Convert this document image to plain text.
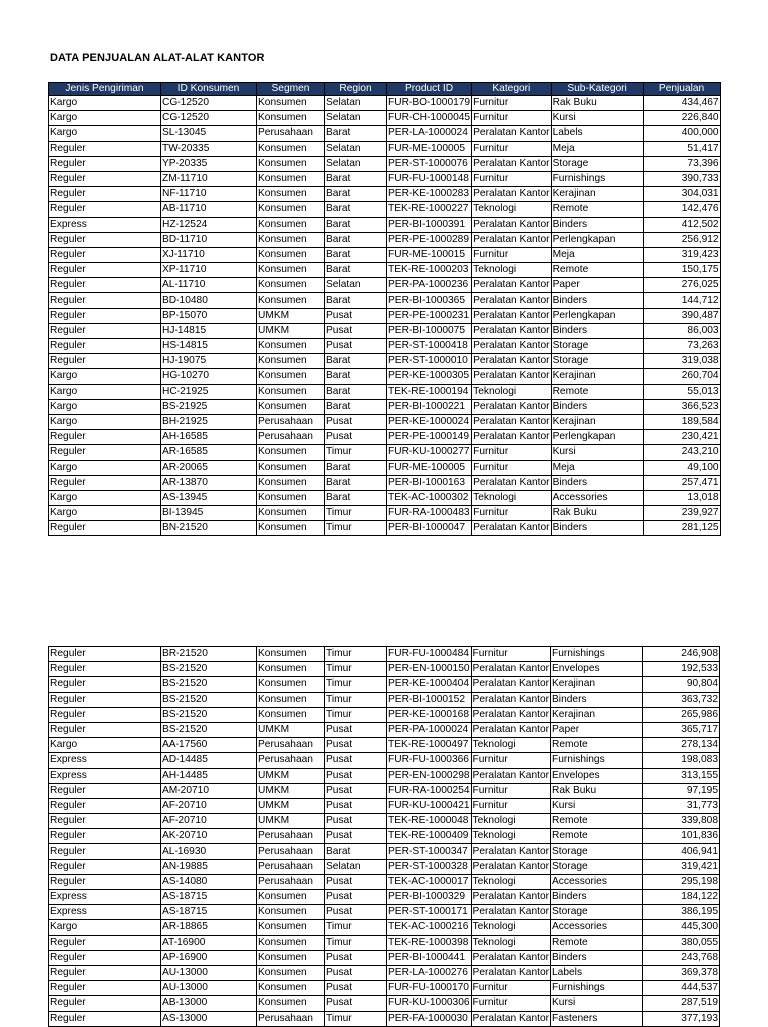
DATA PENJUALAN ALAT-ALAT KANTOR
Jenis Pengiriman	ID Konsumen	Segmen	Region	Product ID	Kategori	Sub-Kategori	Penjualan
Kargo	CG-12520	Konsumen	Selatan	FUR-BO-1000179	Furnitur	Rak Buku	434,467
Kargo	CG-12520	Konsumen	Selatan	FUR-CH-1000045	Furnitur	Kursi	226,840
Kargo	SL-13045	Perusahaan	Barat	PER-LA-1000024	Peralatan Kantor	Labels	400,000
Reguler	TW-20335	Konsumen	Selatan	FUR-ME-100005	Furnitur	Meja	51,417
Reguler	YP-20335	Konsumen	Selatan	PER-ST-1000076	Peralatan Kantor	Storage	73,396
Reguler	ZM-11710	Konsumen	Barat	FUR-FU-1000148	Furnitur	Furnishings	390,733
Reguler	NF-11710	Konsumen	Barat	PER-KE-1000283	Peralatan Kantor	Kerajinan	304,031
Reguler	AB-11710	Konsumen	Barat	TEK-RE-1000227	Teknologi	Remote	142,476
Express	HZ-12524	Konsumen	Barat	PER-BI-1000391	Peralatan Kantor	Binders	412,502
Reguler	BD-11710	Konsumen	Barat	PER-PE-1000289	Peralatan Kantor	Perlengkapan	256,912
Reguler	XJ-11710	Konsumen	Barat	FUR-ME-100015	Furnitur	Meja	319,423
Reguler	XP-11710	Konsumen	Barat	TEK-RE-1000203	Teknologi	Remote	150,175
Reguler	AL-11710	Konsumen	Selatan	PER-PA-1000236	Peralatan Kantor	Paper	276,025
Reguler	BD-10480	Konsumen	Barat	PER-BI-1000365	Peralatan Kantor	Binders	144,712
Reguler	BP-15070	UMKM	Pusat	PER-PE-1000231	Peralatan Kantor	Perlengkapan	390,487
Reguler	HJ-14815	UMKM	Pusat	PER-BI-1000075	Peralatan Kantor	Binders	86,003
Reguler	HS-14815	Konsumen	Pusat	PER-ST-1000418	Peralatan Kantor	Storage	73,263
Reguler	HJ-19075	Konsumen	Barat	PER-ST-1000010	Peralatan Kantor	Storage	319,038
Kargo	HG-10270	Konsumen	Barat	PER-KE-1000305	Peralatan Kantor	Kerajinan	260,704
Kargo	HC-21925	Konsumen	Barat	TEK-RE-1000194	Teknologi	Remote	55,013
Kargo	BS-21925	Konsumen	Barat	PER-BI-1000221	Peralatan Kantor	Binders	366,523
Kargo	BH-21925	Perusahaan	Pusat	PER-KE-1000024	Peralatan Kantor	Kerajinan	189,584
Reguler	AH-16585	Perusahaan	Pusat	PER-PE-1000149	Peralatan Kantor	Perlengkapan	230,421
Reguler	AR-16585	Konsumen	Timur	FUR-KU-1000277	Furnitur	Kursi	243,210
Kargo	AR-20065	Konsumen	Barat	FUR-ME-100005	Furnitur	Meja	49,100
Reguler	AR-13870	Konsumen	Barat	PER-BI-1000163	Peralatan Kantor	Binders	257,471
Kargo	AS-13945	Konsumen	Barat	TEK-AC-1000302	Teknologi	Accessories	13,018
Kargo	BI-13945	Konsumen	Timur	FUR-RA-1000483	Furnitur	Rak Buku	239,927
Reguler	BN-21520	Konsumen	Timur	PER-BI-1000047	Peralatan Kantor	Binders	281,125
Reguler	BR-21520	Konsumen	Timur	FUR-FU-1000484	Furnitur	Furnishings	246,908
Reguler	BS-21520	Konsumen	Timur	PER-EN-1000150	Peralatan Kantor	Envelopes	192,533
Reguler	BS-21520	Konsumen	Timur	PER-KE-1000404	Peralatan Kantor	Kerajinan	90,804
Reguler	BS-21520	Konsumen	Timur	PER-BI-1000152	Peralatan Kantor	Binders	363,732
Reguler	BS-21520	Konsumen	Timur	PER-KE-1000168	Peralatan Kantor	Kerajinan	265,986
Reguler	BS-21520	UMKM	Pusat	PER-PA-1000024	Peralatan Kantor	Paper	365,717
Kargo	AA-17560	Perusahaan	Pusat	TEK-RE-1000497	Teknologi	Remote	278,134
Express	AD-14485	Perusahaan	Pusat	FUR-FU-1000366	Furnitur	Furnishings	198,083
Express	AH-14485	UMKM	Pusat	PER-EN-1000298	Peralatan Kantor	Envelopes	313,155
Reguler	AM-20710	UMKM	Pusat	FUR-RA-1000254	Furnitur	Rak Buku	97,195
Reguler	AF-20710	UMKM	Pusat	FUR-KU-1000421	Furnitur	Kursi	31,773
Reguler	AF-20710	UMKM	Pusat	TEK-RE-1000048	Teknologi	Remote	339,808
Reguler	AK-20710	Perusahaan	Pusat	TEK-RE-1000409	Teknologi	Remote	101,836
Reguler	AL-16930	Perusahaan	Barat	PER-ST-1000347	Peralatan Kantor	Storage	406,941
Reguler	AN-19885	Perusahaan	Selatan	PER-ST-1000328	Peralatan Kantor	Storage	319,421
Reguler	AS-14080	Perusahaan	Pusat	TEK-AC-1000017	Teknologi	Accessories	295,198
Express	AS-18715	Konsumen	Pusat	PER-BI-1000329	Peralatan Kantor	Binders	184,122
Express	AS-18715	Konsumen	Pusat	PER-ST-1000171	Peralatan Kantor	Storage	386,195
Kargo	AR-18865	Konsumen	Timur	TEK-AC-1000216	Teknologi	Accessories	445,300
Reguler	AT-16900	Konsumen	Timur	TEK-RE-1000398	Teknologi	Remote	380,055
Reguler	AP-16900	Konsumen	Pusat	PER-BI-1000441	Peralatan Kantor	Binders	243,768
Reguler	AU-13000	Konsumen	Pusat	PER-LA-1000276	Peralatan Kantor	Labels	369,378
Reguler	AU-13000	Konsumen	Pusat	FUR-FU-1000170	Furnitur	Furnishings	444,537
Reguler	AB-13000	Konsumen	Pusat	FUR-KU-1000306	Furnitur	Kursi	287,519
Reguler	AS-13000	Perusahaan	Timur	PER-FA-1000030	Peralatan Kantor	Fasteners	377,193
